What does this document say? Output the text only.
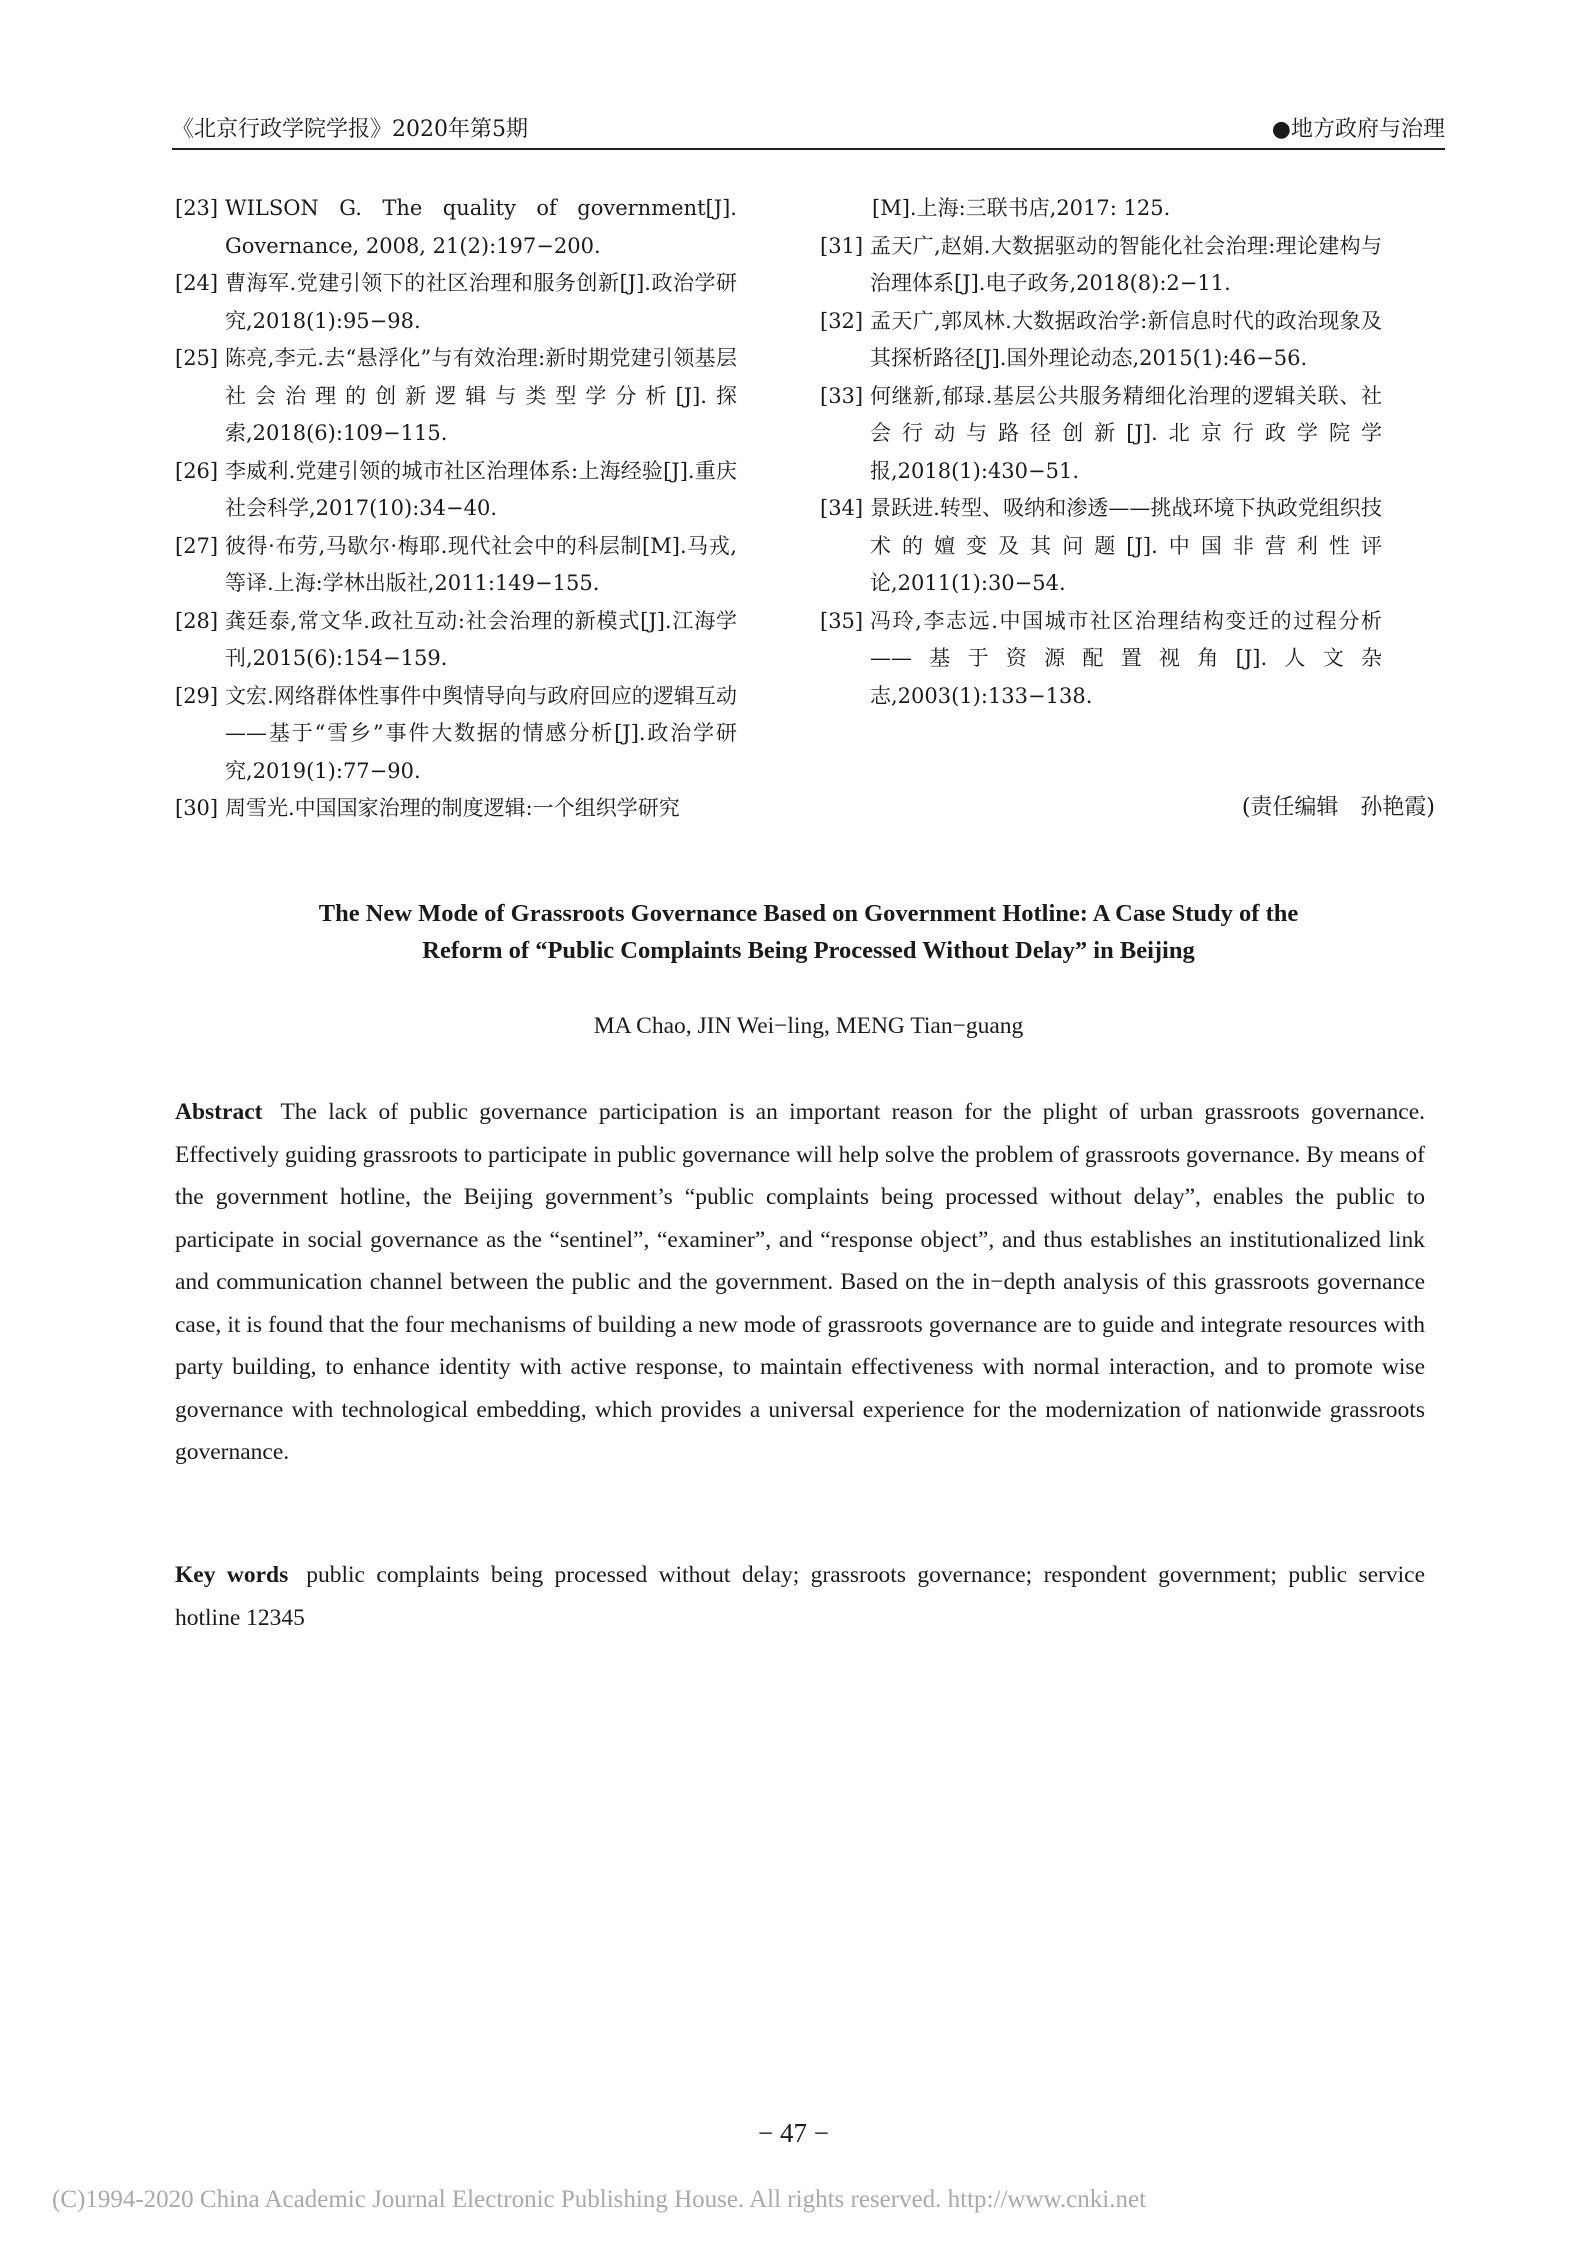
《北京行政学院学报》2020年第5期	●地方政府与治理
[23] WILSON G. The quality of government[J]. Governance, 2008, 21(2):197−200.
[24] 曹海军.党建引领下的社区治理和服务创新[J].政治学研究,2018(1):95−98.
[25] 陈亮,李元.去“悬浮化”与有效治理:新时期党建引领基层社会治理的创新逻辑与类型学分析[J].探索,2018(6):109−115.
[26] 李威利.党建引领的城市社区治理体系:上海经验[J].重庆社会科学,2017(10):34−40.
[27] 彼得·布劳,马歇尔·梅耶.现代社会中的科层制[M].马戎,等译.上海:学林出版社,2011:149−155.
[28] 龚廷泰,常文华.政社互动:社会治理的新模式[J].江海学刊,2015(6):154−159.
[29] 文宏.网络群体性事件中舆情导向与政府回应的逻辑互动——基于“雪乡”事件大数据的情感分析[J].政治学研究,2019(1):77−90.
[30] 周雪光.中国国家治理的制度逻辑:一个组织学研究
[M].上海:三联书店,2017: 125.
[31] 孟天广,赵娟.大数据驱动的智能化社会治理:理论建构与治理体系[J].电子政务,2018(8):2−11.
[32] 孟天广,郭凤林.大数据政治学:新信息时代的政治现象及其探析路径[J].国外理论动态,2015(1):46−56.
[33] 何继新,郁琭.基层公共服务精细化治理的逻辑关联、社会行动与路径创新[J].北京行政学院学报,2018(1):430−51.
[34] 景跃进.转型、吸纳和渗透——挑战环境下执政党组织技术的嬗变及其问题[J].中国非营利性评论,2011(1):30−54.
[35] 冯玲,李志远.中国城市社区治理结构变迁的过程分析——基于资源配置视角[J].人文杂志,2003(1):133−138.
(责任编辑　孙艳霞)
The New Mode of Grassroots Governance Based on Government Hotline: A Case Study of the
Reform of “Public Complaints Being Processed Without Delay” in Beijing
MA Chao, JIN Wei−ling, MENG Tian−guang
Abstract The lack of public governance participation is an important reason for the plight of urban grassroots governance. Effectively guiding grassroots to participate in public governance will help solve the problem of grassroots governance. By means of the government hotline, the Beijing government’s “public complaints being processed without delay”, enables the public to participate in social governance as the “sentinel”, “examiner”, and “response object”, and thus establishes an institutionalized link and communication channel between the public and the government. Based on the in−depth analysis of this grassroots governance case, it is found that the four mechanisms of building a new mode of grassroots governance are to guide and integrate resources with party building, to enhance identity with active response, to maintain effectiveness with normal interaction, and to promote wise governance with technological embedding, which provides a universal experience for the modernization of nationwide grassroots governance.
Key words public complaints being processed without delay; grassroots governance; respondent government; public service hotline 12345
− 47 −
(C)1994-2020 China Academic Journal Electronic Publishing House. All rights reserved. http://www.cnki.net
